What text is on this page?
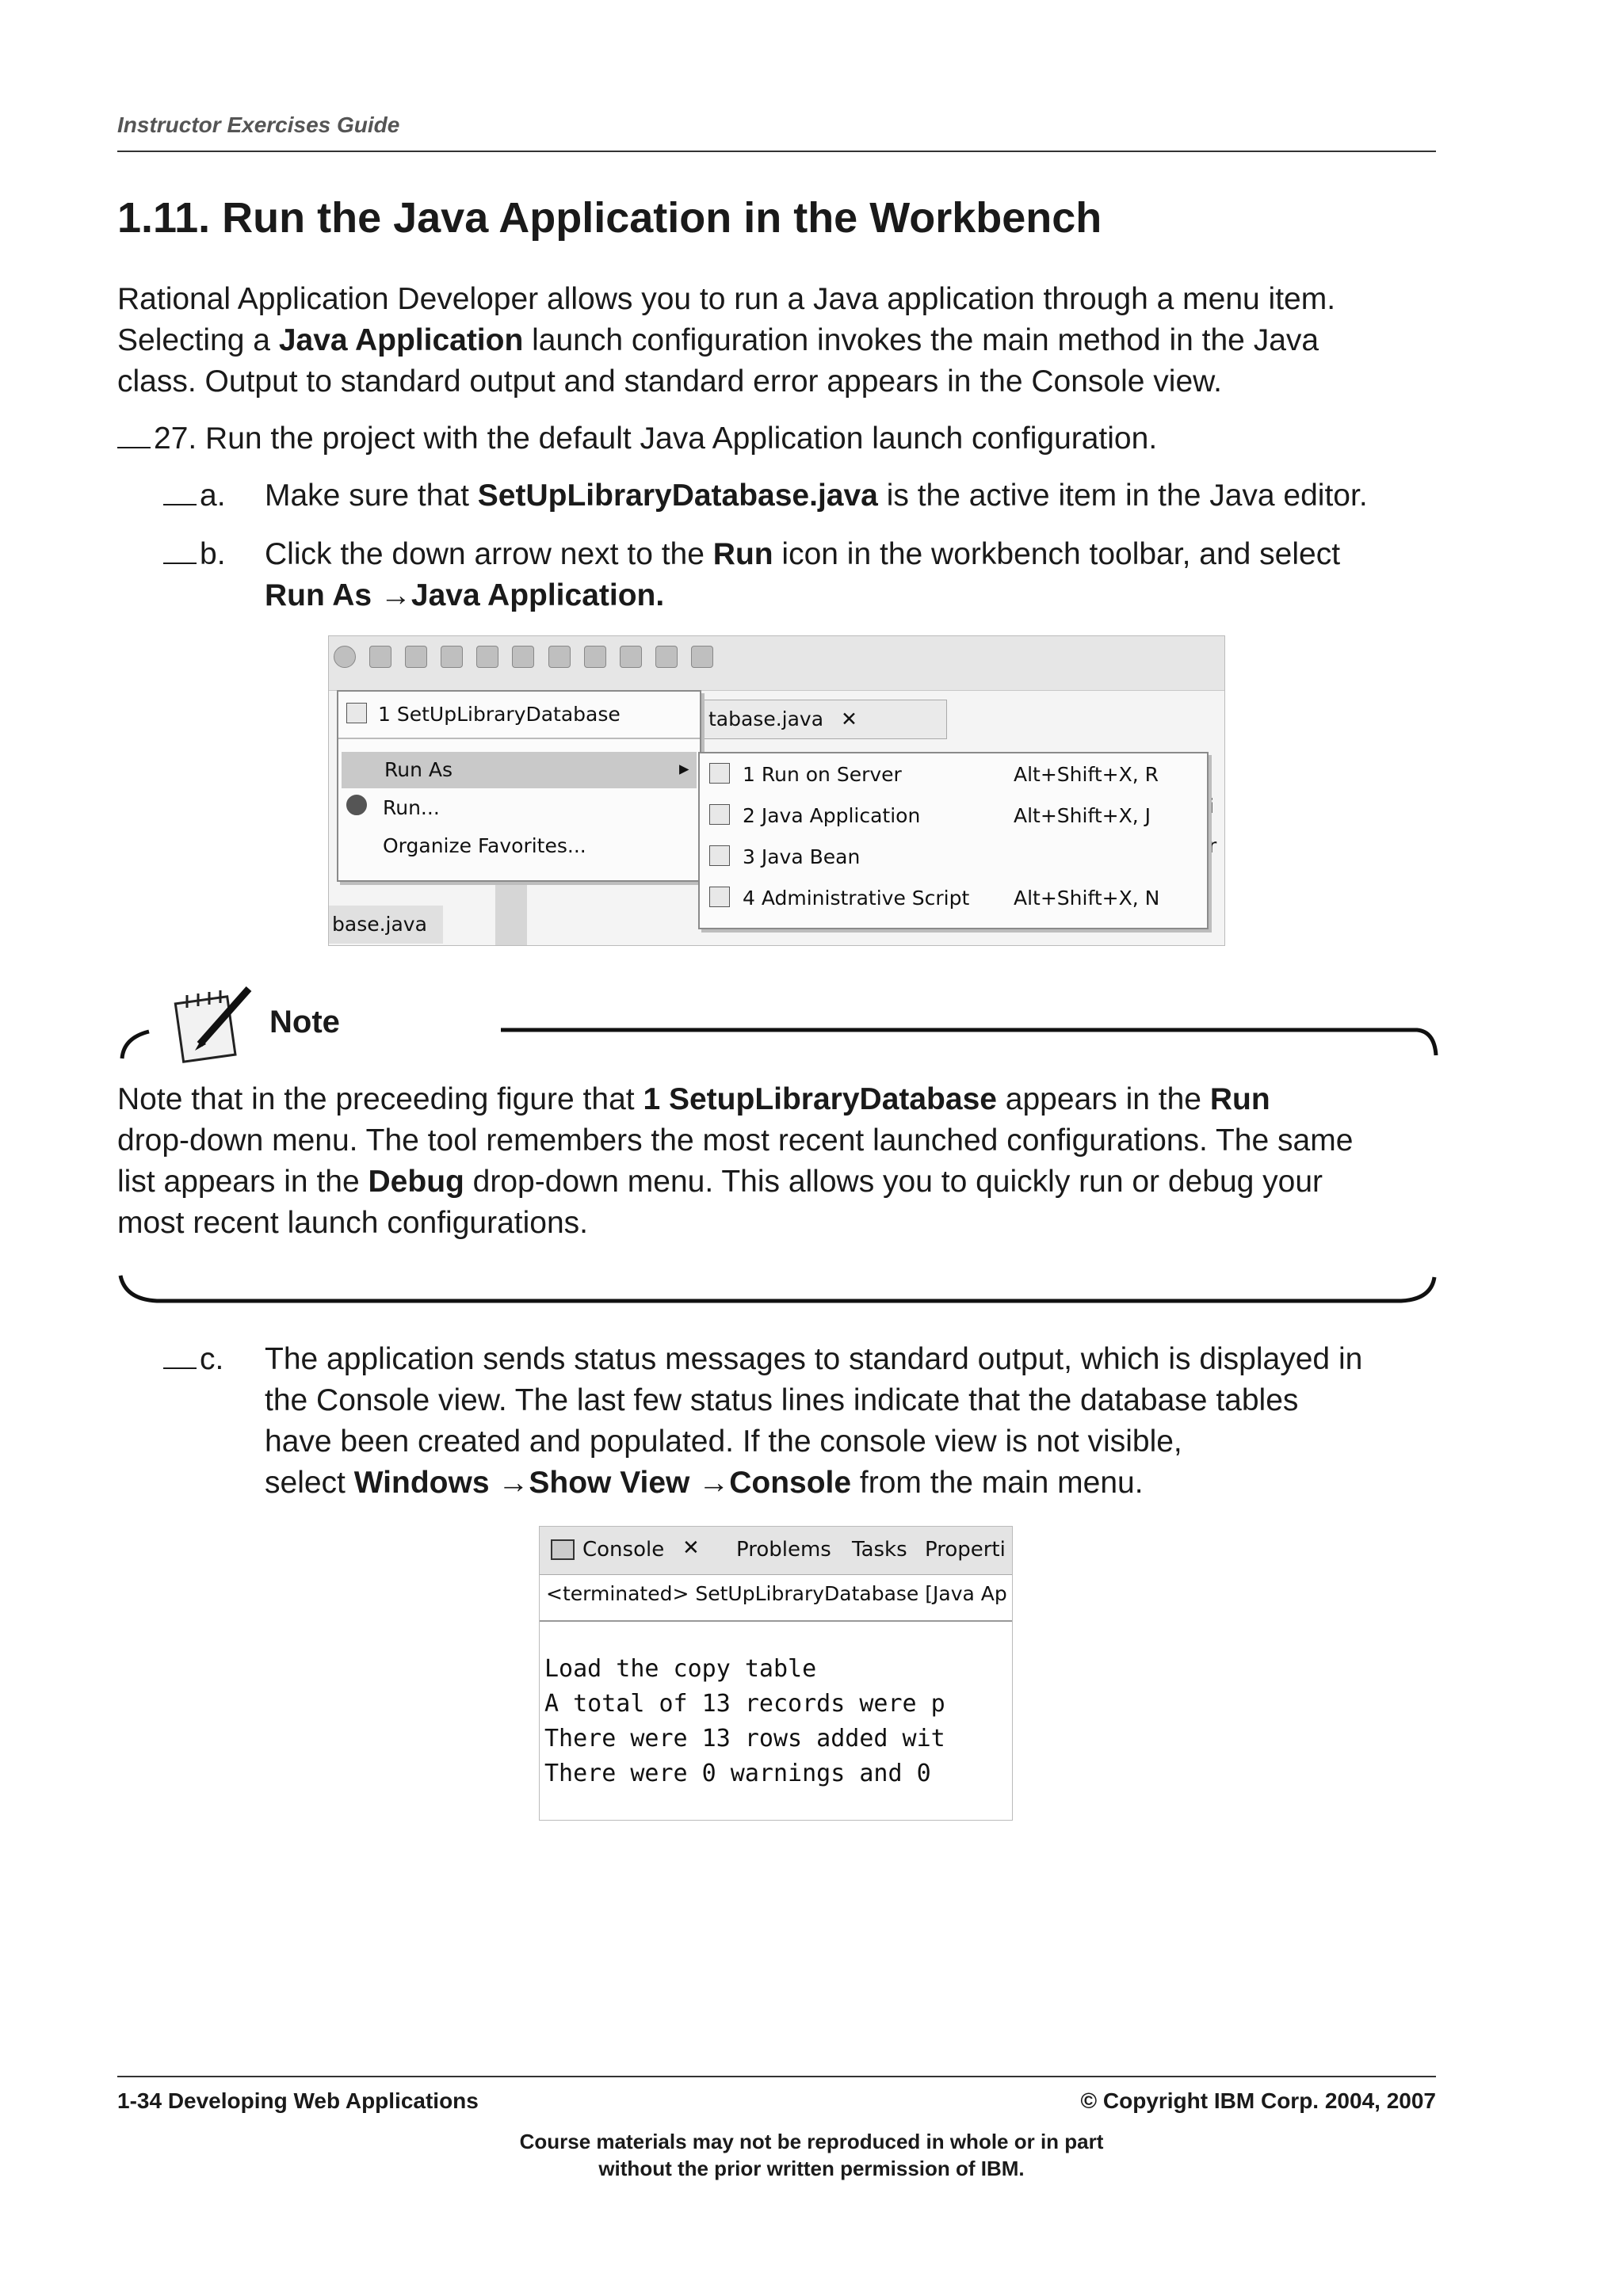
Instructor Exercises Guide
1.11. Run the Java Application in the Workbench
Rational Application Developer allows you to run a Java application through a menu item.
Selecting a Java Application launch configuration invokes the main method in the Java
class. Output to standard output and standard error appears in the Console view.
27. Run the project with the default Java Application launch configuration.
a. Make sure that SetUpLibraryDatabase.java is the active item in the Java editor.
b. Click the down arrow next to the Run icon in the workbench toolbar, and select
Run As →Java Application.

tabase.java ✕
i
r
base.java
1 SetUpLibraryDatabase
Run As	▸
Run...
Organize Favorites...
1 Run on Server	Alt+Shift+X, R
2 Java Application	Alt+Shift+X, J
3 Java Bean
4 Administrative Script Alt+Shift+X, N
Note
Note that in the preceeding figure that 1 SetupLibraryDatabase appears in the Run
drop-down menu. The tool remembers the most recent launched configurations. The same
list appears in the Debug drop-down menu. This allows you to quickly run or debug your
most recent launch configurations.
c. The application sends status messages to standard output, which is displayed in
the Console view. The last few status lines indicate that the database tables
have been created and populated. If the console view is not visible,
select Windows →Show View →Console from the main menu.
Console ✕ Problems Tasks Properti
<terminated> SetUpLibraryDatabase [Java Ap
Load the copy table
A total of 13 records were p
There were 13 rows added wit
There were 0 warnings and 0
1-34 Developing Web Applications	© Copyright IBM Corp. 2004, 2007
Course materials may not be reproduced in whole or in part
without the prior written permission of IBM.
